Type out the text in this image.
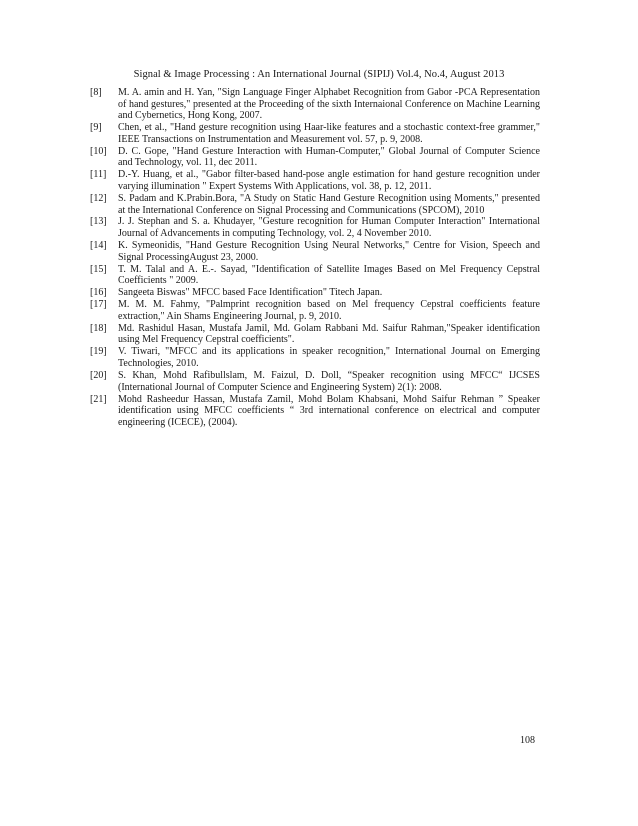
Signal & Image Processing : An International Journal (SIPIJ) Vol.4, No.4, August 2013
[8] M. A. amin and H. Yan, "Sign Language Finger Alphabet Recognition from Gabor -PCA Representation of hand gestures," presented at the Proceeding of the sixth Internaional Conference on Machine Learning and Cybernetics, Hong Kong, 2007.
[9] Chen, et al., "Hand gesture recognition using Haar-like features and a stochastic context-free grammer," IEEE Transactions on Instrumentation and Measurement vol. 57, p. 9, 2008.
[10] D. C. Gope, "Hand Gesture Interaction with Human-Computer," Global Journal of Computer Science and Technology, vol. 11, dec 2011.
[11] D.-Y. Huang, et al., "Gabor filter-based hand-pose angle estimation for hand gesture recognition under varying illumination " Expert Systems With Applications, vol. 38, p. 12, 2011.
[12] S. Padam and K.Prabin.Bora, "A Study on Static Hand Gesture Recognition using Moments," presented at the International Conference on Signal Processing and Communications (SPCOM), 2010
[13] J. J. Stephan and S. a. Khudayer, "Gesture recognition for Human Computer Interaction" International Journal of Advancements in computing Technology, vol. 2, 4 November 2010.
[14] K. Symeonidis, "Hand Gesture Recognition Using Neural Networks," Centre for Vision, Speech and Signal ProcessingAugust 23, 2000.
[15] T. M. Talal and A. E.-. Sayad, "Identification of Satellite Images Based on Mel Frequency Cepstral Coefficients " 2009.
[16] Sangeeta Biswas" MFCC based Face Identification" Titech Japan.
[17] M. M. M. Fahmy, "Palmprint recognition based on Mel frequency Cepstral coefficients feature extraction," Ain Shams Engineering Journal, p. 9, 2010.
[18] Md. Rashidul Hasan, Mustafa Jamil, Md. Golam Rabbani Md. Saifur Rahman,"Speaker identification using Mel Frequency Cepstral coefficients".
[19] V. Tiwari, "MFCC and its applications in speaker recognition," International Journal on Emerging Technologies, 2010.
[20] S. Khan, Mohd Rafibullslam, M. Faizul, D. Doll, “Speaker recognition using MFCC“ IJCSES (International Journal of Computer Science and Engineering System) 2(1): 2008.
[21] Mohd Rasheedur Hassan, Mustafa Zamil, Mohd Bolam Khabsani, Mohd Saifur Rehman ” Speaker identification using MFCC coefficients “ 3rd international conference on electrical and computer engineering (ICECE), (2004).
108
